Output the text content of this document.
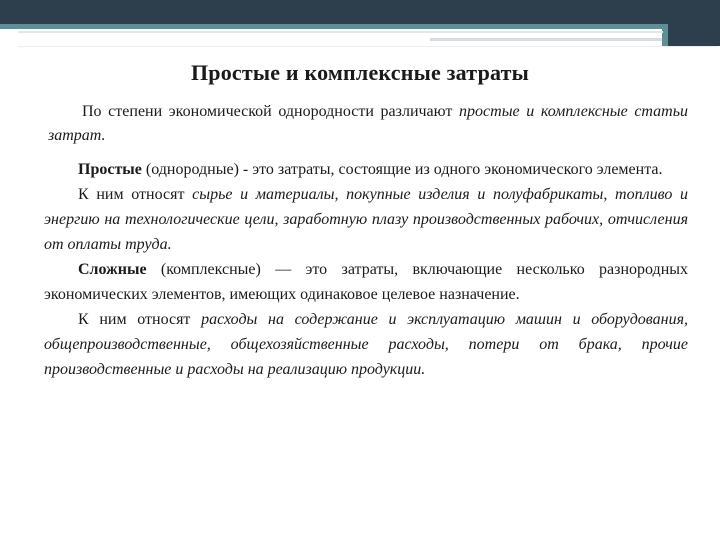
Простые и комплексные затраты
По степени экономической однородности различают простые и комплексные статьи затрат.

Простые (однородные) - это затраты, состоящие из одного экономического элемента.

К ним относят сырье и материалы, покупные изделия и полуфабрикаты, топливо и энергию на технологические цели, заработную плазу производственных рабочих, отчисления от оплаты труда.

Сложные (комплексные) — это затраты, включающие несколько разнородных экономических элементов, имеющих одинаковое целевое назначение.

К ним относят расходы на содержание и эксплуатацию машин и оборудования, общепроизводственные, общехозяйственные расходы, потери от брака, прочие производственные и расходы на реализацию продукции.
